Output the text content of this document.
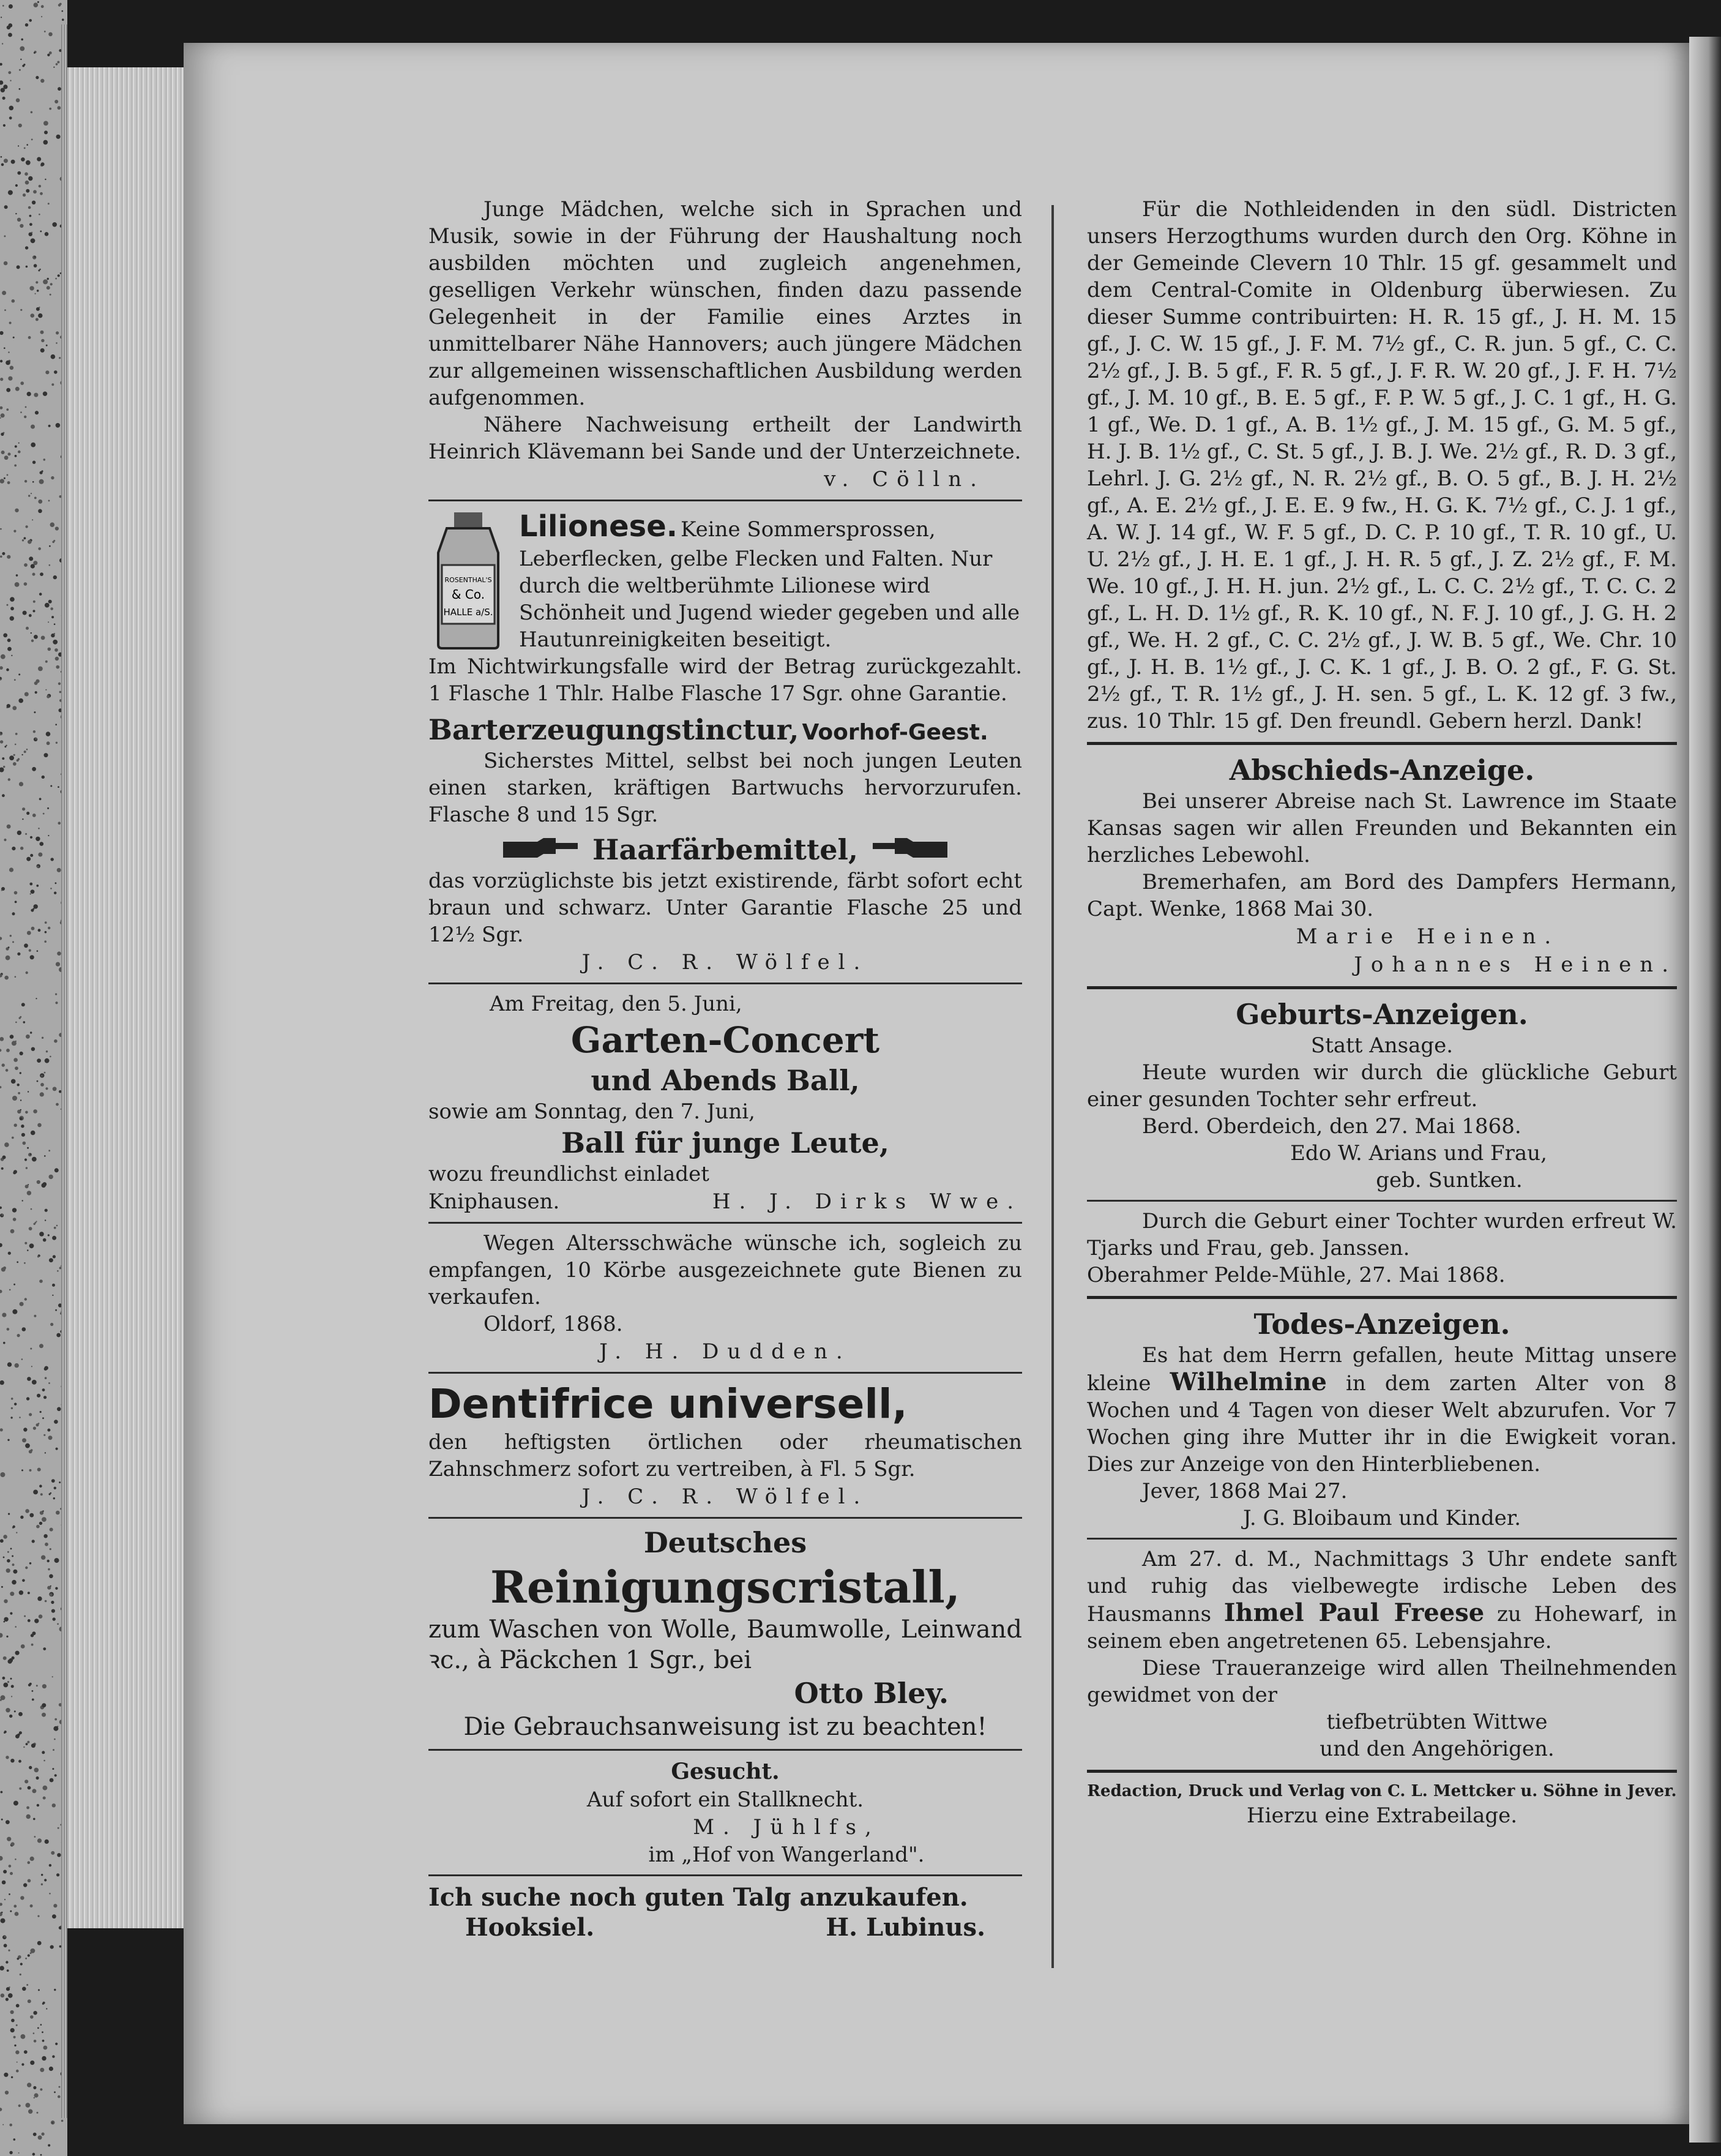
Junge Mädchen, welche sich in Sprachen und Musik, sowie in der Führung der Haushaltung noch ausbilden möchten und zugleich angenehmen, geselligen Verkehr wünschen, finden dazu passende Gelegenheit in der Familie eines Arztes in unmittelbarer Nähe Hannovers; auch jüngere Mädchen zur allgemeinen wissenschaftlichen Ausbildung werden aufgenommen.

Nähere Nachweisung ertheilt der Landwirth Heinrich Klävemann bei Sande und der Unterzeichnete.

v. Cölln.

ROSENTHAL'S
& Co.
HALLE a/S.

Lilionese. Keine Sommersprossen, Leberflecken, gelbe Flecken und Falten. Nur durch die weltberühmte Lilionese wird Schönheit und Jugend wieder gegeben und alle Hautunreinigkeiten beseitigt.

Im Nichtwirkungsfalle wird der Betrag zurückgezahlt. 1 Flasche 1 Thlr. Halbe Flasche 17 Sgr. ohne Garantie.

Barterzeugungstinctur, Voorhof-Geest.

Sicherstes Mittel, selbst bei noch jungen Leuten einen starken, kräftigen Bartwuchs hervorzurufen. Flasche 8 und 15 Sgr.

Haarfärbemittel,

das vorzüglichste bis jetzt existirende, färbt sofort echt braun und schwarz. Unter Garantie Flasche 25 und 12½ Sgr.

J. C. R. Wölfel.

Am Freitag, den 5. Juni,

Garten-Concert

und Abends Ball,

sowie am Sonntag, den 7. Juni,

Ball für junge Leute,

wozu freundlichst einladet

Kniphausen.	H. J. Dirks Wwe.

Wegen Altersschwäche wünsche ich, sogleich zu empfangen, 10 Körbe ausgezeichnete gute Bienen zu verkaufen.

Oldorf, 1868.

J. H. Dudden.

Dentifrice universell,

den heftigsten örtlichen oder rheumatischen Zahnschmerz sofort zu vertreiben, à Fl. 5 Sgr.

J. C. R. Wölfel.

Deutsches

Reinigungscristall,

zum Waschen von Wolle, Baumwolle, Leinwand ꝛc., à Päckchen 1 Sgr., bei

Otto Bley.

Die Gebrauchsanweisung ist zu beachten!

Gesucht.

Auf sofort ein Stallknecht.

M. Jühlfs,

im „Hof von Wangerland".

Ich suche noch guten Talg anzukaufen.

Hooksiel.	H. Lubinus.

Für die Nothleidenden in den südl. Districten unsers Herzogthums wurden durch den Org. Köhne in der Gemeinde Clevern 10 Thlr. 15 gf. gesammelt und dem Central-Comite in Oldenburg überwiesen. Zu dieser Summe contribuirten: H. R. 15 gf., J. H. M. 15 gf., J. C. W. 15 gf., J. F. M. 7½ gf., C. R. jun. 5 gf., C. C. 2½ gf., J. B. 5 gf., F. R. 5 gf., J. F. R. W. 20 gf., J. F. H. 7½ gf., J. M. 10 gf., B. E. 5 gf., F. P. W. 5 gf., J. C. 1 gf., H. G. 1 gf., We. D. 1 gf., A. B. 1½ gf., J. M. 15 gf., G. M. 5 gf., H. J. B. 1½ gf., C. St. 5 gf., J. B. J. We. 2½ gf., R. D. 3 gf., Lehrl. J. G. 2½ gf., N. R. 2½ gf., B. O. 5 gf., B. J. H. 2½ gf., A. E. 2½ gf., J. E. E. 9 fw., H. G. K. 7½ gf., C. J. 1 gf., A. W. J. 14 gf., W. F. 5 gf., D. C. P. 10 gf., T. R. 10 gf., U. U. 2½ gf., J. H. E. 1 gf., J. H. R. 5 gf., J. Z. 2½ gf., F. M. We. 10 gf., J. H. H. jun. 2½ gf., L. C. C. 2½ gf., T. C. C. 2 gf., L. H. D. 1½ gf., R. K. 10 gf., N. F. J. 10 gf., J. G. H. 2 gf., We. H. 2 gf., C. C. 2½ gf., J. W. B. 5 gf., We. Chr. 10 gf., J. H. B. 1½ gf., J. C. K. 1 gf., J. B. O. 2 gf., F. G. St. 2½ gf., T. R. 1½ gf., J. H. sen. 5 gf., L. K. 12 gf. 3 fw., zus. 10 Thlr. 15 gf. Den freundl. Gebern herzl. Dank!

Abschieds-Anzeige.

Bei unserer Abreise nach St. Lawrence im Staate Kansas sagen wir allen Freunden und Bekannten ein herzliches Lebewohl.

Bremerhafen, am Bord des Dampfers Hermann, Capt. Wenke, 1868 Mai 30.

Marie Heinen.

Johannes Heinen.

Geburts-Anzeigen.

Statt Ansage.

Heute wurden wir durch die glückliche Geburt einer gesunden Tochter sehr erfreut.

Berd. Oberdeich, den 27. Mai 1868.

Edo W. Arians und Frau,

geb. Suntken.

Durch die Geburt einer Tochter wurden erfreut W. Tjarks und Frau, geb. Janssen.

Oberahmer Pelde-Mühle, 27. Mai 1868.

Todes-Anzeigen.

Es hat dem Herrn gefallen, heute Mittag unsere kleine Wilhelmine in dem zarten Alter von 8 Wochen und 4 Tagen von dieser Welt abzurufen. Vor 7 Wochen ging ihre Mutter ihr in die Ewigkeit voran. Dies zur Anzeige von den Hinterbliebenen.

Jever, 1868 Mai 27.

J. G. Bloibaum und Kinder.

Am 27. d. M., Nachmittags 3 Uhr endete sanft und ruhig das vielbewegte irdische Leben des Hausmanns Ihmel Paul Freese zu Hohewarf, in seinem eben angetretenen 65. Lebensjahre.

Diese Traueranzeige wird allen Theilnehmenden gewidmet von der

tiefbetrübten Wittwe

und den Angehörigen.

Redaction, Druck und Verlag von C. L. Mettcker u. Söhne in Jever.

Hierzu eine Extrabeilage.
